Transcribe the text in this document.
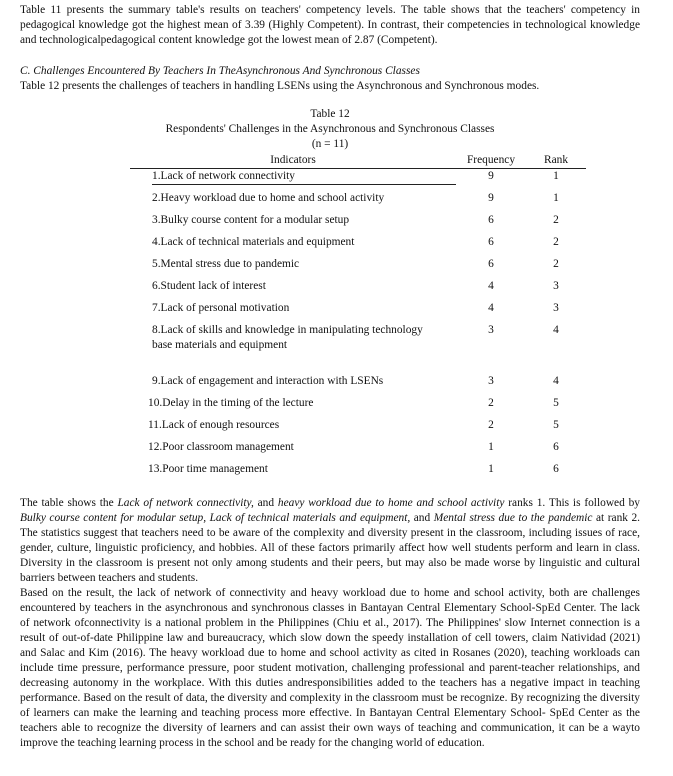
Table 11 presents the summary table's results on teachers' competency levels. The table shows that the teachers' competency in pedagogical knowledge got the highest mean of 3.39 (Highly Competent). In contrast, their competencies in technological knowledge and technologicalpedagogical content knowledge got the lowest mean of 2.87 (Competent).

C. Challenges Encountered By Teachers In TheAsynchronous And Synchronous Classes

Table 12 presents the challenges of teachers in handling LSENs using the Asynchronous and Synchronous modes.

Table 12
Respondents' Challenges in the Asynchronous and Synchronous Classes
(n = 11)
Indicators	Frequency	Rank

1.Lack of network connectivity	9	1
2.Heavy workload due to home and school activity	9	1
3.Bulky course content for a modular setup	6	2
4.Lack of technical materials and equipment	6	2
5.Mental stress due to pandemic	6	2
6.Student lack of interest	4	3
7.Lack of personal motivation	4	3
8.Lack of skills and knowledge in manipulating technology base materials and equipment	3	4
9.Lack of engagement and interaction with LSENs	3	4
10.Delay in the timing of the lecture	2	5
11.Lack of enough resources	2	5
12.Poor classroom management	1	6
13.Poor time management	1	6

The table shows the Lack of network connectivity, and heavy workload due to home and school activity ranks 1. This is followed by Bulky course content for modular setup, Lack of technical materials and equipment, and Mental stress due to the pandemic at rank 2. The statistics suggest that teachers need to be aware of the complexity and diversity present in the classroom, including issues of race, gender, culture, linguistic proficiency, and hobbies. All of these factors primarily affect how well students perform and learn in class. Diversity in the classroom is present not only among students and their peers, but may also be made worse by linguistic and cultural barriers between teachers and students.

Based on the result, the lack of network of connectivity and heavy workload due to home and school activity, both are challenges encountered by teachers in the asynchronous and synchronous classes in Bantayan Central Elementary School-SpEd Center. The lack of network ofconnectivity is a national problem in the Philippines (Chiu et al., 2017). The Philippines' slow Internet connection is a result of out-of-date Philippine law and bureaucracy, which slow down the speedy installation of cell towers, claim Natividad (2021) and Salac and Kim (2016). The heavy workload due to home and school activity as cited in Rosanes (2020), teaching workloads can include time pressure, performance pressure, poor student motivation, challenging professional and parent-teacher relationships, and decreasing autonomy in the workplace. With this duties andresponsibilities added to the teachers has a negative impact in teaching performance. Based on the result of data, the diversity and complexity in the classroom must be recognize. By recognizing the diversity of learners can make the learning and teaching process more effective. In Bantayan Central Elementary School- SpEd Center as the teachers able to recognize the diversity of learners and can assist their own ways of teaching and communication, it can be a wayto improve the teaching learning process in the school and be ready for the changing world of education.
